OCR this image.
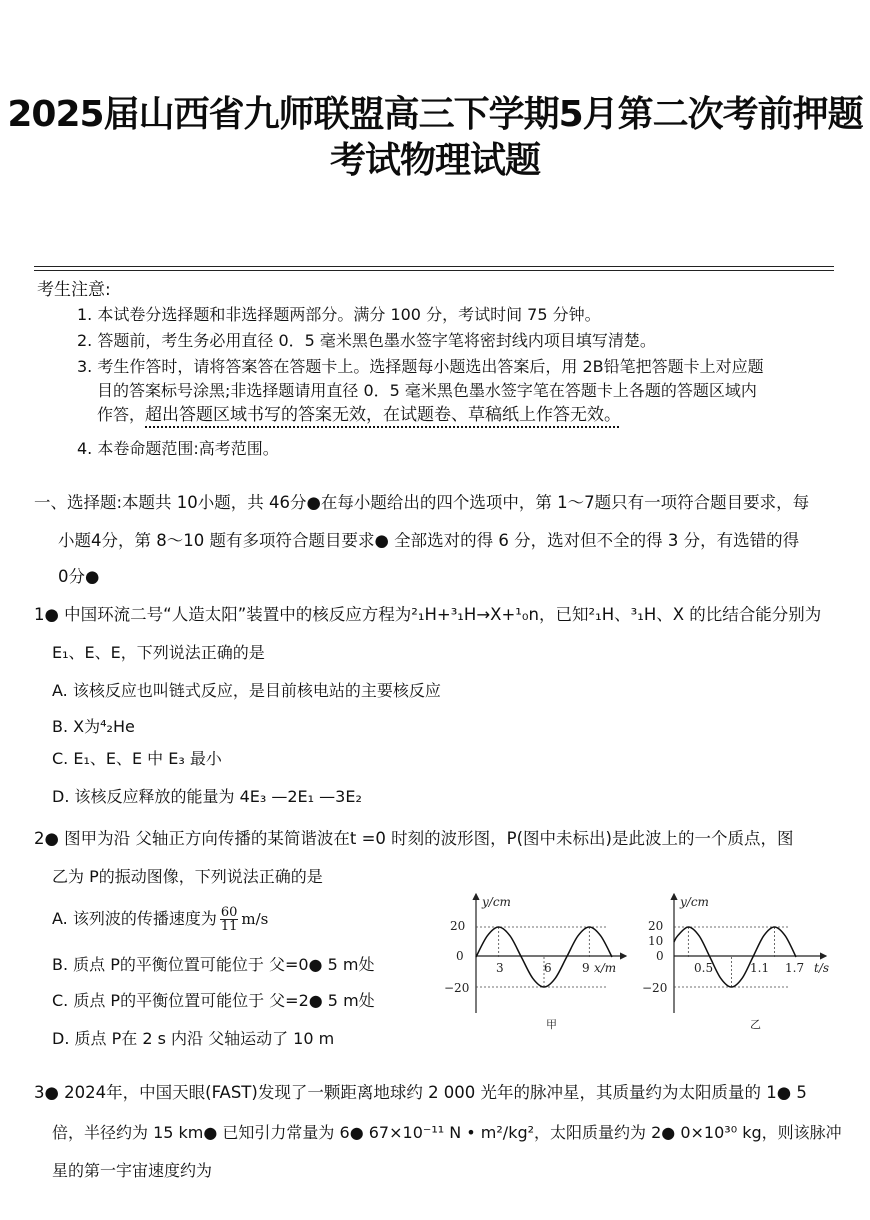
2025届山西省九师联盟高三下学期5月第二次考前押题
考试物理试题
考生注意:
1. 本试卷分选择题和非选择题两部分。满分 100 分，考试时间 75 分钟。
2. 答题前，考生务必用直径 0．5 毫米黑色墨水签字笔将密封线内项目填写清楚。
3. 考生作答时，请将答案答在答题卡上。选择题每小题选出答案后，用 2B铅笔把答题卡上对应题
目的答案标号涂黑;非选择题请用直径 0．5 毫米黑色墨水签字笔在答题卡上各题的答题区域内
作答，超出答题区域书写的答案无效，在试题卷、草稿纸上作答无效。
4. 本卷命题范围:高考范围。
一、选择题:本题共 10小题，共 46分●在每小题给出的四个选项中，第 1～7题只有一项符合题目要求，每
小题4分，第 8～10 题有多项符合题目要求● 全部选对的得 6 分，选对但不全的得 3 分，有选错的得
0分●
1● 中国环流二号“人造太阳”装置中的核反应方程为²₁H+³₁H→X+¹₀n，已知²₁H、³₁H、X 的比结合能分别为
E₁、E、E，下列说法正确的是
A. 该核反应也叫链式反应，是目前核电站的主要核反应
B. X为⁴₂He
C. E₁、E、E 中 E₃ 最小
D. 该核反应释放的能量为 4E₃ —2E₁ —3E₂
2● 图甲为沿 父轴正方向传播的某简谐波在t =0 时刻的波形图，P(图中未标出)是此波上的一个质点，图
乙为 P的振动图像，下列说法正确的是
A. 该列波的传播速度为 $\frac{60}{11} m/s$
B. 质点 P的平衡位置可能位于 父=0● 5 m处
C. 质点 P的平衡位置可能位于 父=2● 5 m处
D. 质点 P在 2 s 内沿 父轴运动了 10 m
y/cm
x/m
20
0
−20
3	6	9
甲
y/cm
t/s
20
10
0
−20
0.5	1.1 1.7
乙
3● 2024年，中国天眼(FAST)发现了一颗距离地球约 2 000 光年的脉冲星，其质量约为太阳质量的 1● 5
倍，半径约为 15 km● 已知引力常量为 6● 67×10⁻¹¹ N • m²/kg²，太阳质量约为 2● 0×10³⁰ kg，则该脉冲
星的第一宇宙速度约为
